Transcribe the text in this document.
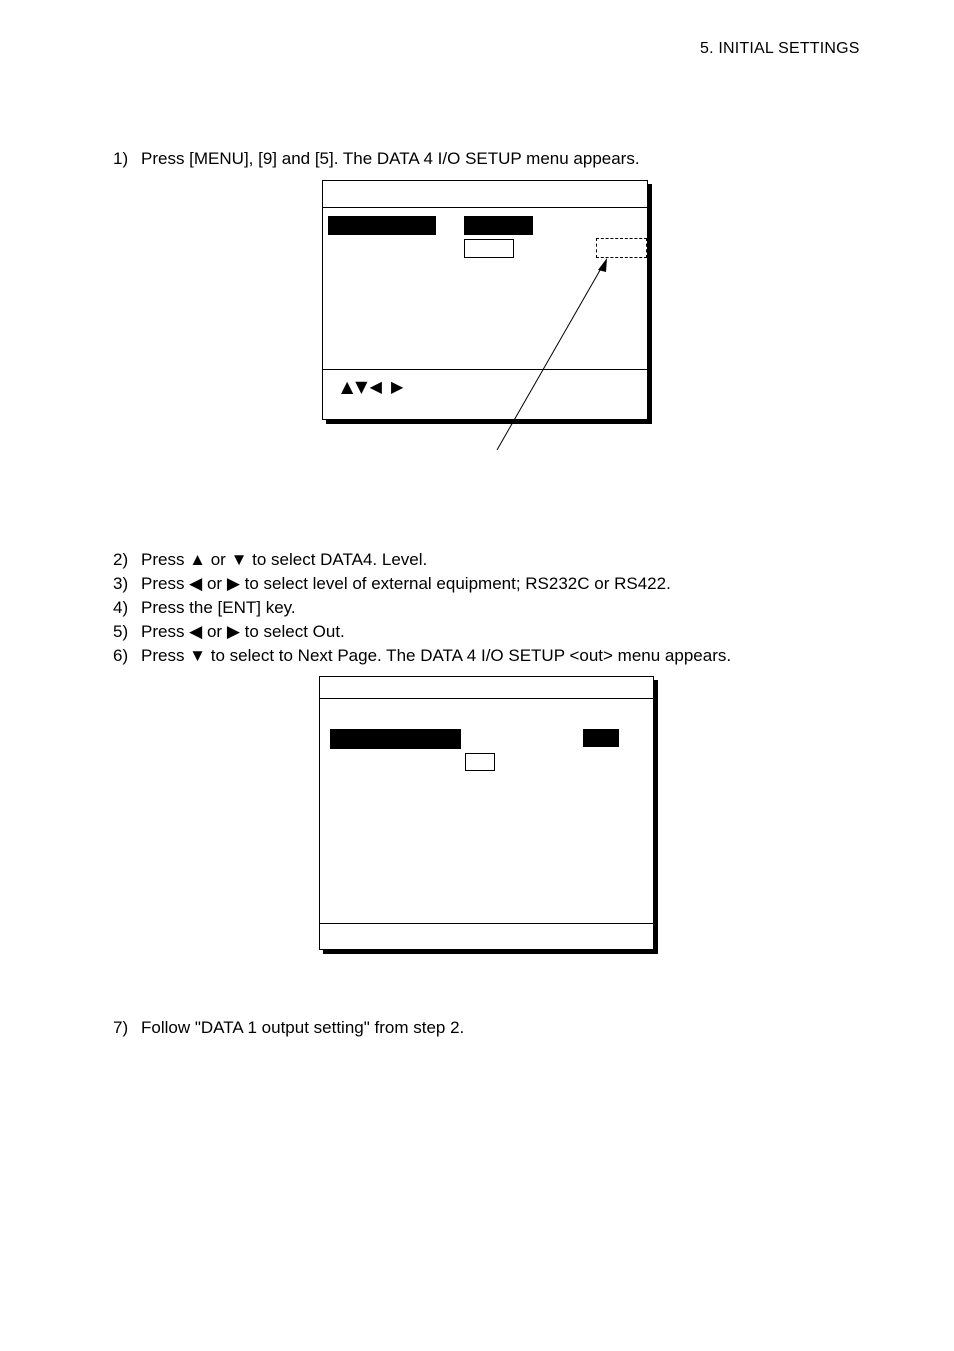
5. INITIAL SETTINGS
1) Press [MENU], [9] and [5]. The DATA 4 I/O SETUP menu appears.
▲▼◀ ▶
2) Press ▲ or ▼ to select DATA4. Level.
3) Press ◀ or ▶ to select level of external equipment; RS232C or RS422.
4) Press the [ENT] key.
5) Press ◀ or ▶ to select Out.
6) Press ▼ to select to Next Page. The DATA 4 I/O SETUP <out> menu appears.
7) Follow "DATA 1 output setting" from step 2.
